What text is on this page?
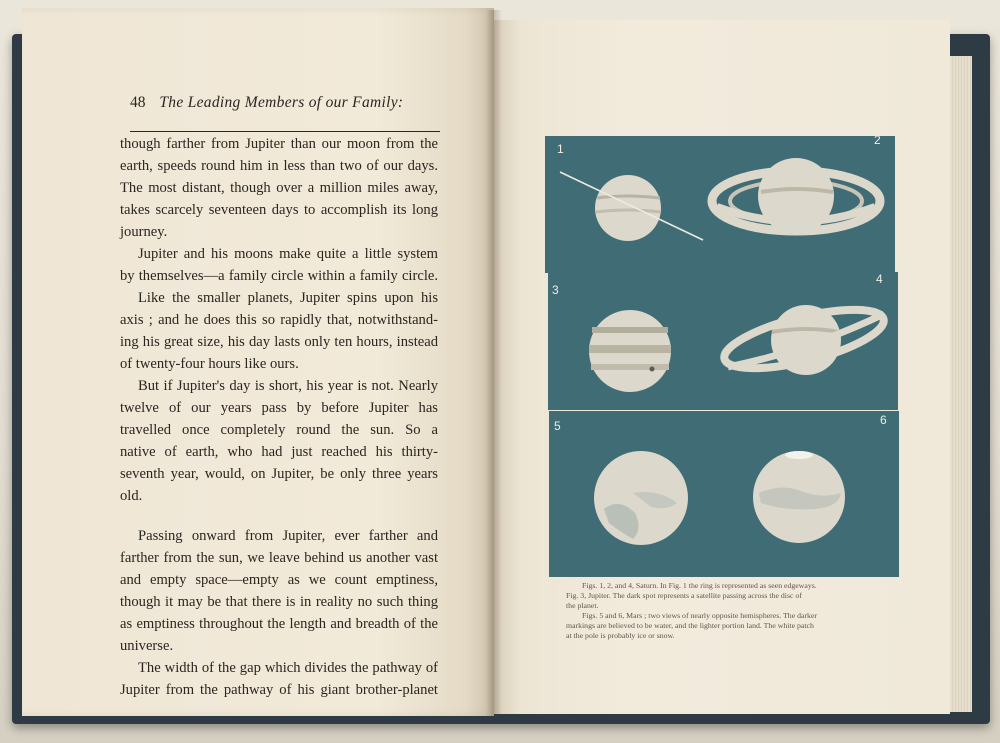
48 The Leading Members of our Family:
though farther from Jupiter than our moon from the
earth, speeds round him in less than two of our days.
The most distant, though over a million miles away,
takes scarcely seventeen days to accomplish its long
journey.
Jupiter and his moons make quite a little system
by themselves—a family circle within a family circle.
Like the smaller planets, Jupiter spins upon his
axis ; and he does this so rapidly that, notwithstand-
ing his great size, his day lasts only ten hours, instead
of twenty-four hours like ours.
But if Jupiter's day is short, his year is not. Nearly
twelve of our years pass by before Jupiter has
travelled once completely round the sun. So a
native of earth, who had just reached his thirty-
seventh year, would, on Jupiter, be only three years
old.
Passing onward from Jupiter, ever farther and
farther from the sun, we leave behind us another vast
and empty space—empty as we count emptiness,
though it may be that there is in reality no such thing
as emptiness throughout the length and breadth of the
universe.
The width of the gap which divides the pathway of
Jupiter from the pathway of his giant brother-planet
1
2
3
4
5	6
Figs. 1, 2, and 4, Saturn. In Fig. 1 the ring is represented as seen edgeways.
Fig. 3, Jupiter. The dark spot represents a satellite passing across the disc of
the planet.
Figs. 5 and 6, Mars ; two views of nearly opposite hemispheres. The darker
markings are believed to be water, and the lighter portion land. The white patch
at the pole is probably ice or snow.
